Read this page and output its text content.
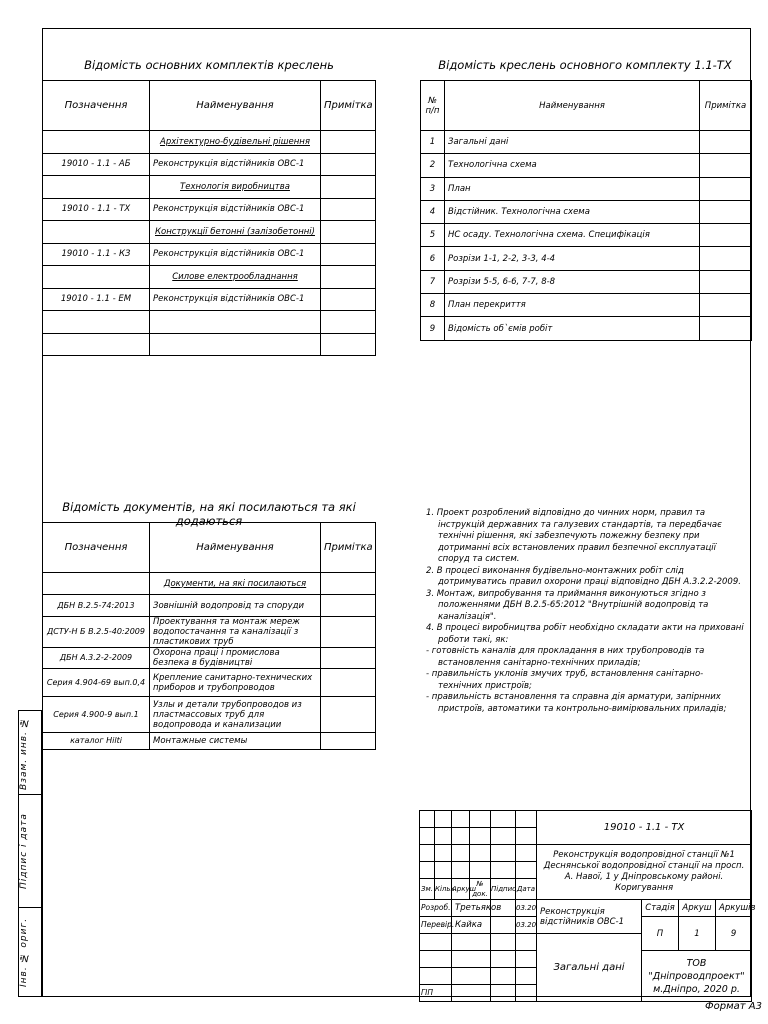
Взам. инв. №
Підпис і дата
Інв. № ориг.
Відомість основних комплектів креслень
Позначення	Найменування	Примітка
	Архітектурно-будівельні рішення	
19010 - 1.1 - АБ	Реконструкція відстійників ОВС-1	
	Технологія виробництва	
19010 - 1.1 - ТХ	Реконструкція відстійників ОВС-1	
	Конструкції бетонні (залізобетонні)	
19010 - 1.1 - КЗ	Реконструкція відстійників ОВС-1	
	Силове електрообладнання	
19010 - 1.1 - ЕМ	Реконструкція відстійників ОВС-1	

Відомість креслень основного комплекту 1.1-ТХ
№ п/п	Найменування	Примітка
1	Загальні дані	
2	Технологічна схема	
3	План	
4	Відстійник. Технологічна схема	
5	НС осаду. Технологічна схема. Специфікація	
6	Розрізи 1-1, 2-2, 3-3, 4-4	
7	Розрізи 5-5, 6-6, 7-7, 8-8	
8	План перекриття	
9	Відомість об`ємів робіт	
Відомість документів, на які посилаються та які додаються
Позначення	Найменування	Примітка
	Документи, на які посилаються	
ДБН В.2.5-74:2013	Зовнішній водопровід та споруди	
ДСТУ-Н Б В.2.5-40:2009	Проектування та монтаж мереж водопостачання та каналізації з пластикових труб	
ДБН А.3.2-2-2009	Охорона праці і промислова безпека в будівництві	
Серия 4.904-69 вып.0,4	Крепление санитарно-технических приборов и трубопроводов	
Серия 4.900-9 вып.1	Узлы и детали трубопроводов из пластмассовых труб для водопровода и канализации	
каталог Hilti	Монтажные системы	

1. Проект розроблений відповідно до чинних норм, правил та інструкцій державних та галузевих стандартів, та передбачає технічні рішення, які забезпечують пожежну безпеку при дотриманні всіх встановлених правил безпечної експлуатації споруд та систем.

2. В процесі виконання будівельно-монтажних робіт слід дотримуватись правил охорони праці відповідно ДБН А.3.2.2-2009.

3. Монтаж, випробування та приймання виконуються згідно з положеннями ДБН В.2.5-65:2012 "Внутрішній водопровід та каналізація".

4. В процесі виробництва робіт необхідно складати акти на приховані роботи такі, як:

- готовність каналів для прокладання в них трубопроводів та встановлення санітарно-технічних приладів;

- правильність уклонів змучих труб, встановлення санітарно-технічних пристроїв;

- правильність встановлення та справна дія арматури, запірнних пристроїв, автоматики та контрольно-вимірювальних приладів;

						19010 - 1.1 - ТХ			

						Реконструкція водопровідної станції №1 Деснянської водопровідної станції на просп. А. Навої, 1 у Дніпровському районі. Коригування			

Зм.	Кільк.	Аркуш	№ док.	Підпис	Дата				
Розроб.		Третьяков			03.20	Реконструкція відстійників ОВС-1	Стадія	Аркуш	Аркушів
Перевір.		Кайка			03.20		П	1	9
						Загальні дані			
							ТОВ "Дніпроводпроект" м.Дніпро, 2020 р.		

ГІП									
Формат А3
